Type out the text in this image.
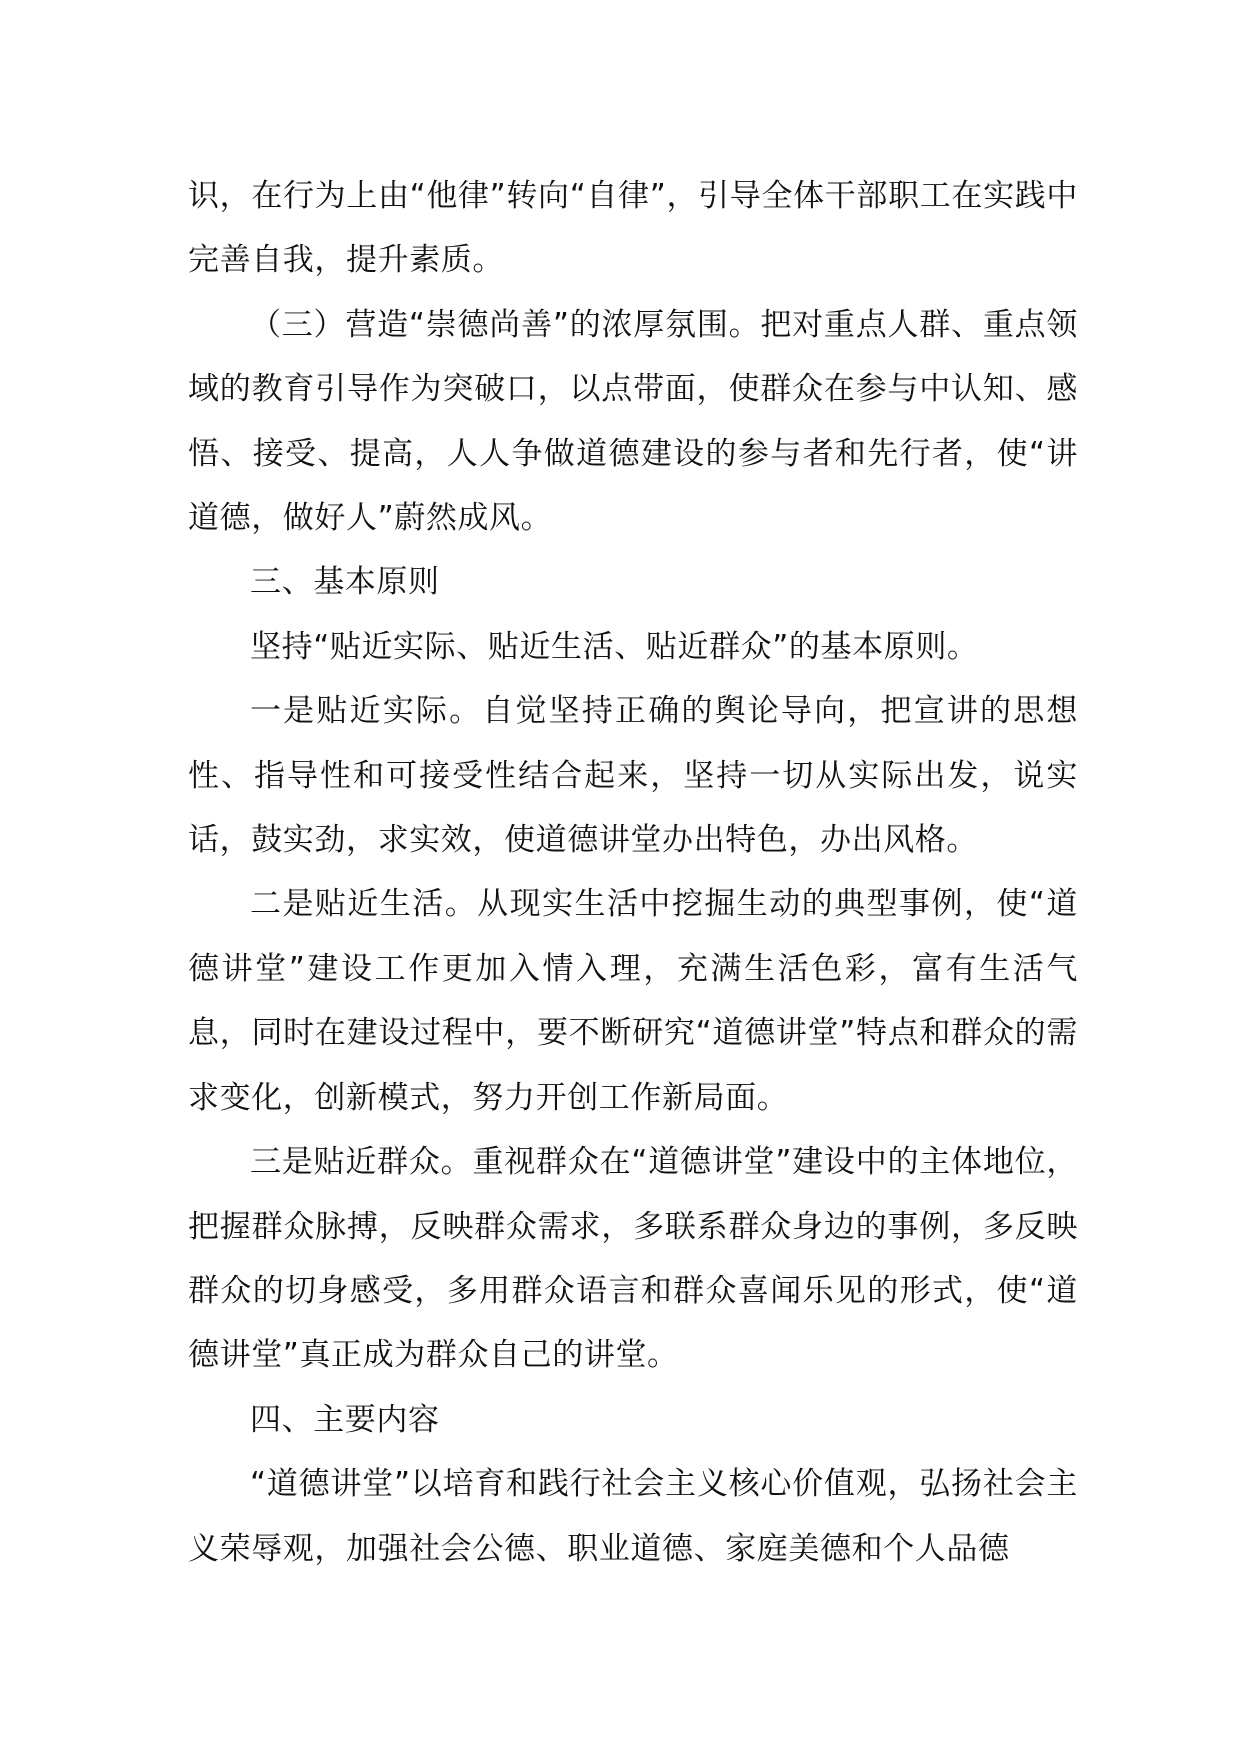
识，在行为上由“他律”转向“自律”，引导全体干部职工在实践中完善自我，提升素质。

（三）营造“崇德尚善”的浓厚氛围。把对重点人群、重点领域的教育引导作为突破口，以点带面，使群众在参与中认知、感悟、接受、提高，人人争做道德建设的参与者和先行者，使“讲道德，做好人”蔚然成风。

三、基本原则

坚持“贴近实际、贴近生活、贴近群众”的基本原则。

一是贴近实际。自觉坚持正确的舆论导向，把宣讲的思想性、指导性和可接受性结合起来，坚持一切从实际出发，说实话，鼓实劲，求实效，使道德讲堂办出特色，办出风格。

二是贴近生活。从现实生活中挖掘生动的典型事例，使“道德讲堂”建设工作更加入情入理，充满生活色彩，富有生活气息，同时在建设过程中，要不断研究“道德讲堂”特点和群众的需求变化，创新模式，努力开创工作新局面。

三是贴近群众。重视群众在“道德讲堂”建设中的主体地位，把握群众脉搏，反映群众需求，多联系群众身边的事例，多反映群众的切身感受，多用群众语言和群众喜闻乐见的形式，使“道德讲堂”真正成为群众自己的讲堂。

四、主要内容

“道德讲堂”以培育和践行社会主义核心价值观，弘扬社会主义荣辱观，加强社会公德、职业道德、家庭美德和个人品德
